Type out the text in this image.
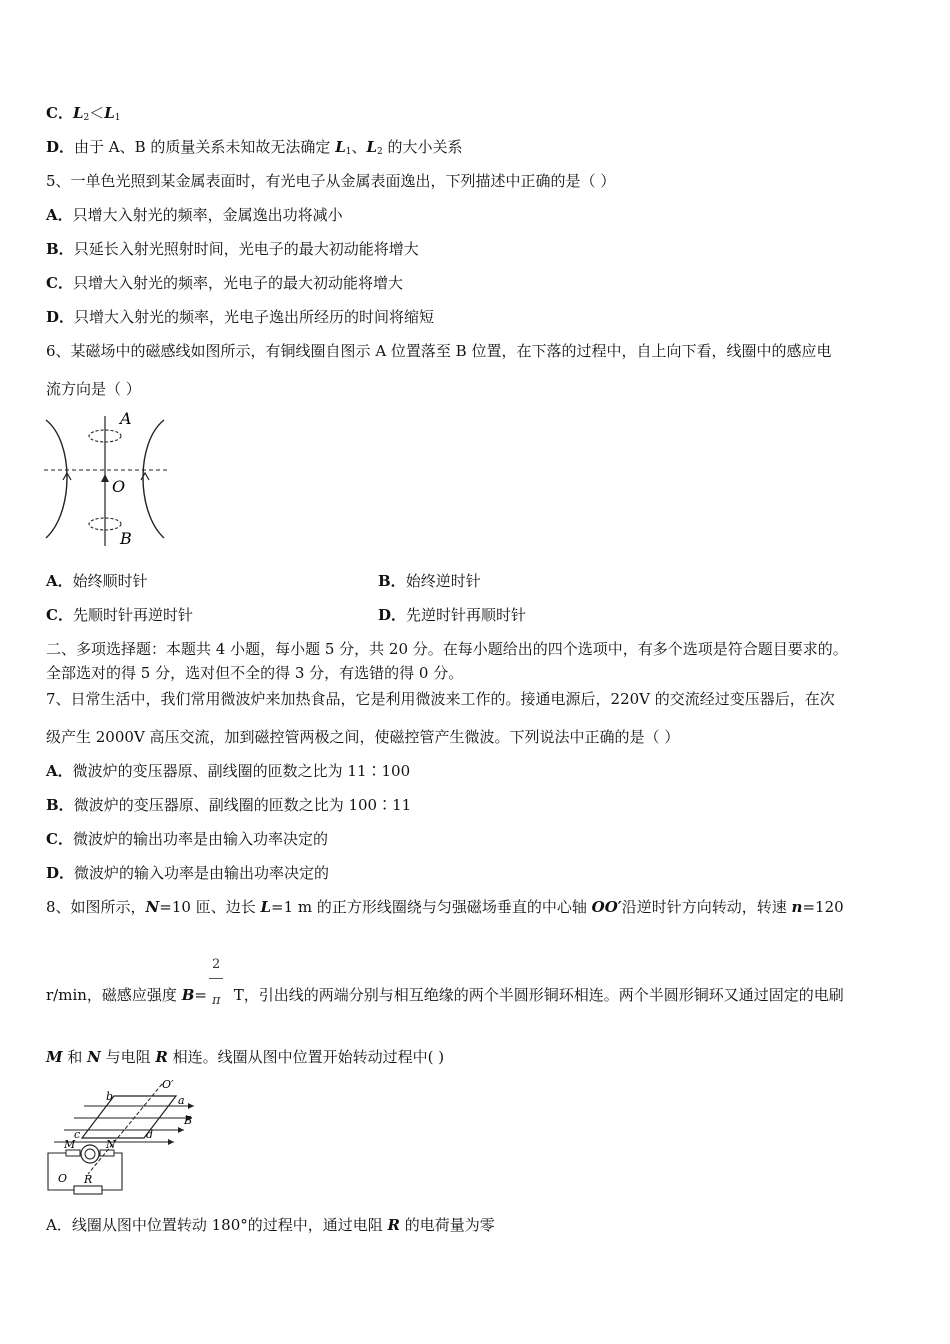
C．$L_2<L_1$
D．由于 A、B 的质量关系未知故无法确定 $L_1$、$L_2$ 的大小关系
5、一单色光照到某金属表面时，有光电子从金属表面逸出，下列描述中正确的是（ ）
A．只增大入射光的频率，金属逸出功将减小
B．只延长入射光照射时间，光电子的最大初动能将增大
C．只增大入射光的频率，光电子的最大初动能将增大
D．只增大入射光的频率，光电子逸出所经历的时间将缩短
6、某磁场中的磁感线如图所示，有铜线圈自图示 A 位置落至 B 位置，在下落的过程中，自上向下看，线圈中的感应电
流方向是（ ）
A
O
B
A．始终顺时针	B．始终逆时针
C．先顺时针再逆时针	D．先逆时针再顺时针
二、多项选择题：本题共 4 小题，每小题 5 分，共 20 分。在每小题给出的四个选项中，有多个选项是符合题目要求的。
全部选对的得 5 分，选对但不全的得 3 分，有选错的得 0 分。
7、日常生活中，我们常用微波炉来加热食品，它是利用微波来工作的。接通电源后，220V 的交流经过变压器后，在次
级产生 2000V 高压交流，加到磁控管两极之间，使磁控管产生微波。下列说法中正确的是（ ）
A．微波炉的变压器原、副线圈的匝数之比为 11∶100
B．微波炉的变压器原、副线圈的匝数之比为 100∶11
C．微波炉的输出功率是由输入功率决定的
D．微波炉的输入功率是由输出功率决定的
8、如图所示，N=10 匝、边长 L=1 m 的正方形线圈绕与匀强磁场垂直的中心轴 OO′沿逆时针方向转动，转速 n=120
2
π
r/min，磁感应强度 B= T，引出线的两端分别与相互绝缘的两个半圆形铜环相连。两个半圆形铜环又通过固定的电刷
M 和 N 与电阻 R 相连。线圈从图中位置开始转动过程中( )
O′
a
b
B
c	d
M	N
O R
A．线圈从图中位置转动 180°的过程中，通过电阻 R 的电荷量为零
